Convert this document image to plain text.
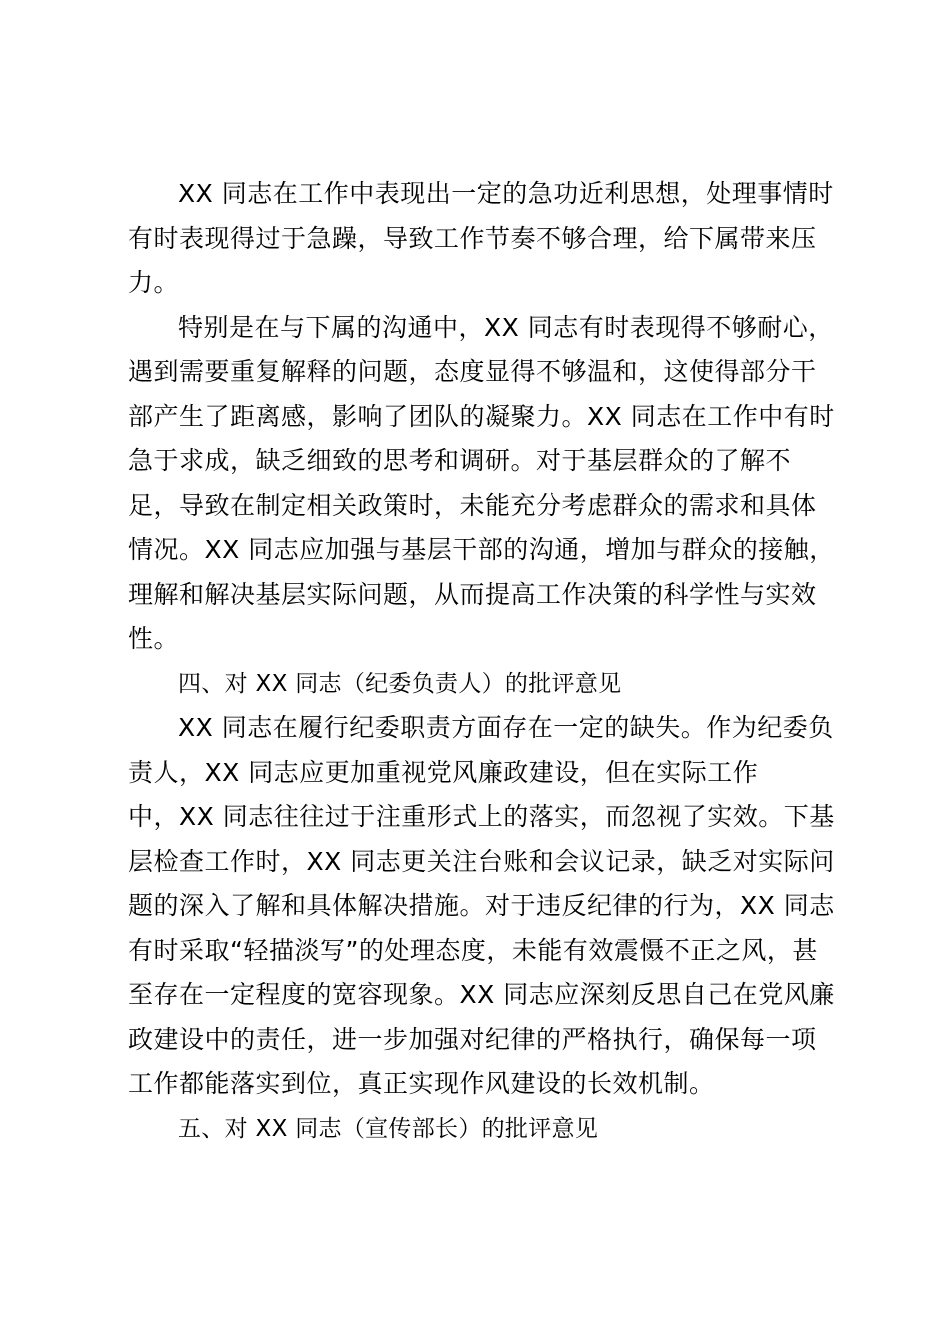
XX 同志在工作中表现出一定的急功近利思想，处理事情时
有时表现得过于急躁，导致工作节奏不够合理，给下属带来压
力。
特别是在与下属的沟通中，XX 同志有时表现得不够耐心，
遇到需要重复解释的问题，态度显得不够温和，这使得部分干
部产生了距离感，影响了团队的凝聚力。XX 同志在工作中有时
急于求成，缺乏细致的思考和调研。对于基层群众的了解不
足，导致在制定相关政策时，未能充分考虑群众的需求和具体
情况。XX 同志应加强与基层干部的沟通，增加与群众的接触，
理解和解决基层实际问题，从而提高工作决策的科学性与实效
性。
四、对 XX 同志（纪委负责人）的批评意见
XX 同志在履行纪委职责方面存在一定的缺失。作为纪委负
责人，XX 同志应更加重视党风廉政建设，但在实际工作
中，XX 同志往往过于注重形式上的落实，而忽视了实效。下基
层检查工作时，XX 同志更关注台账和会议记录，缺乏对实际问
题的深入了解和具体解决措施。对于违反纪律的行为，XX 同志
有时采取“轻描淡写”的处理态度，未能有效震慑不正之风，甚
至存在一定程度的宽容现象。XX 同志应深刻反思自己在党风廉
政建设中的责任，进一步加强对纪律的严格执行，确保每一项
工作都能落实到位，真正实现作风建设的长效机制。
五、对 XX 同志（宣传部长）的批评意见
